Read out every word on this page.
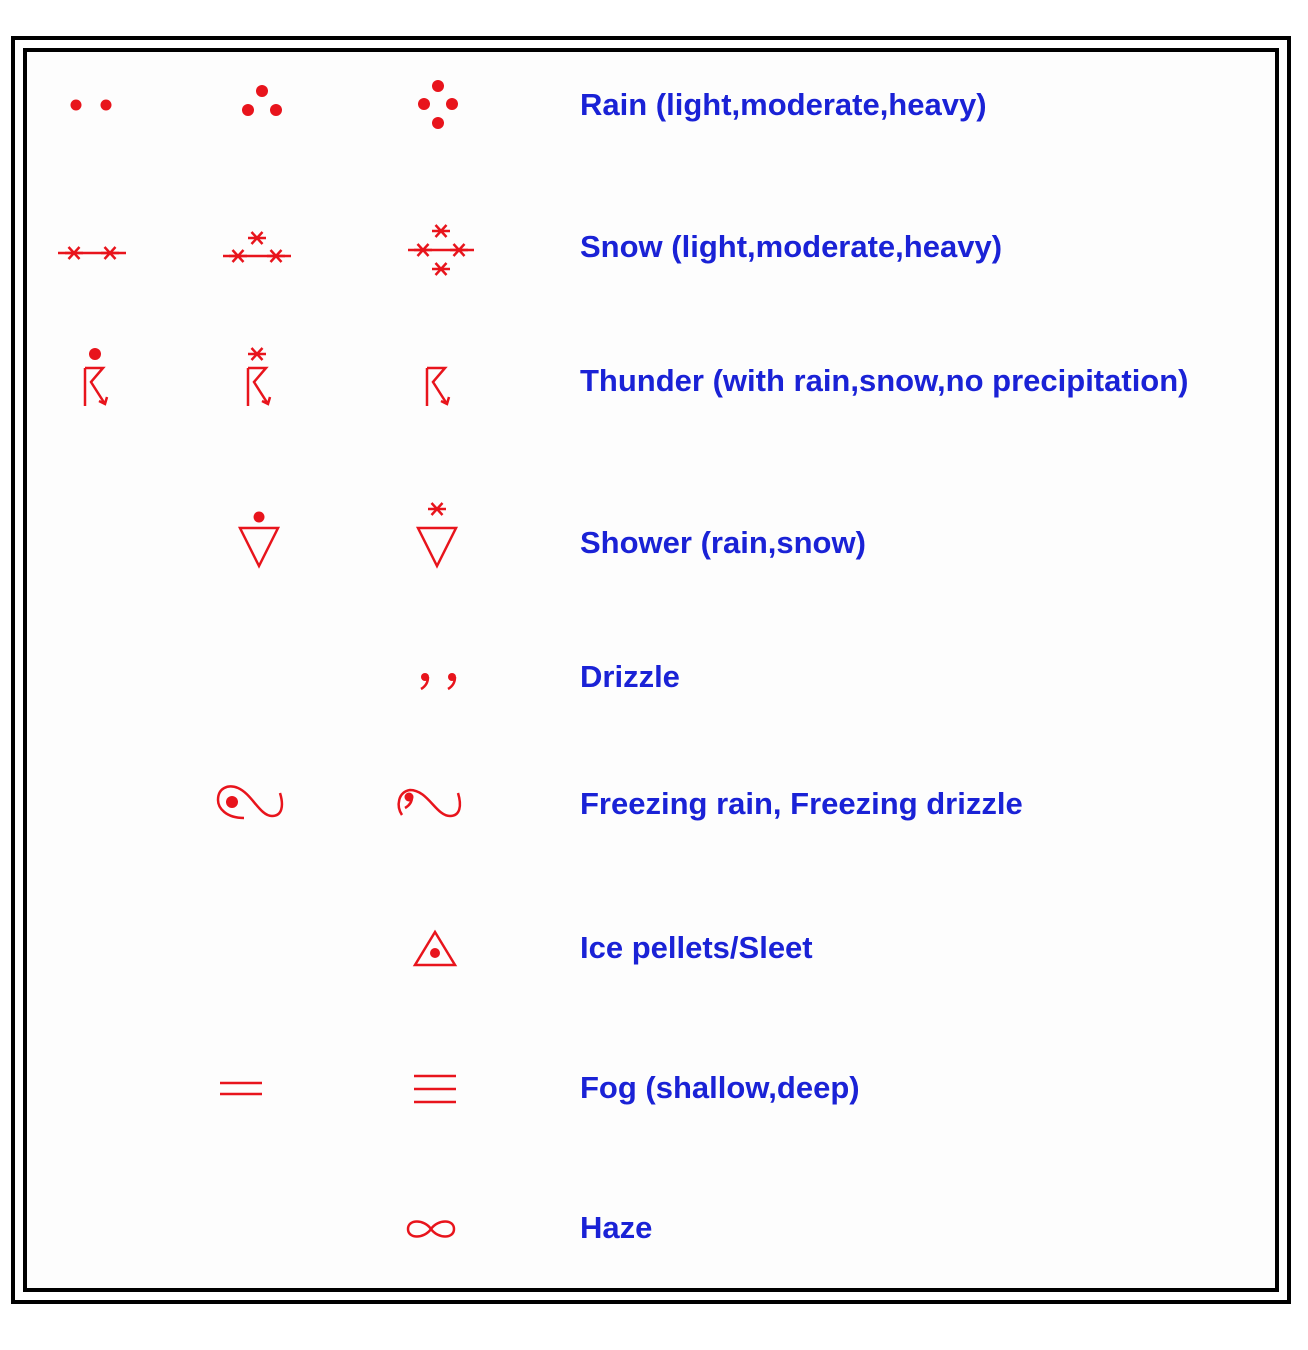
Rain (light,moderate,heavy)
Snow (light,moderate,heavy)
Thunder (with rain,snow,no precipitation)
Shower (rain,snow)
Drizzle
Freezing rain, Freezing drizzle
Ice pellets/Sleet
Fog (shallow,deep)
Haze
